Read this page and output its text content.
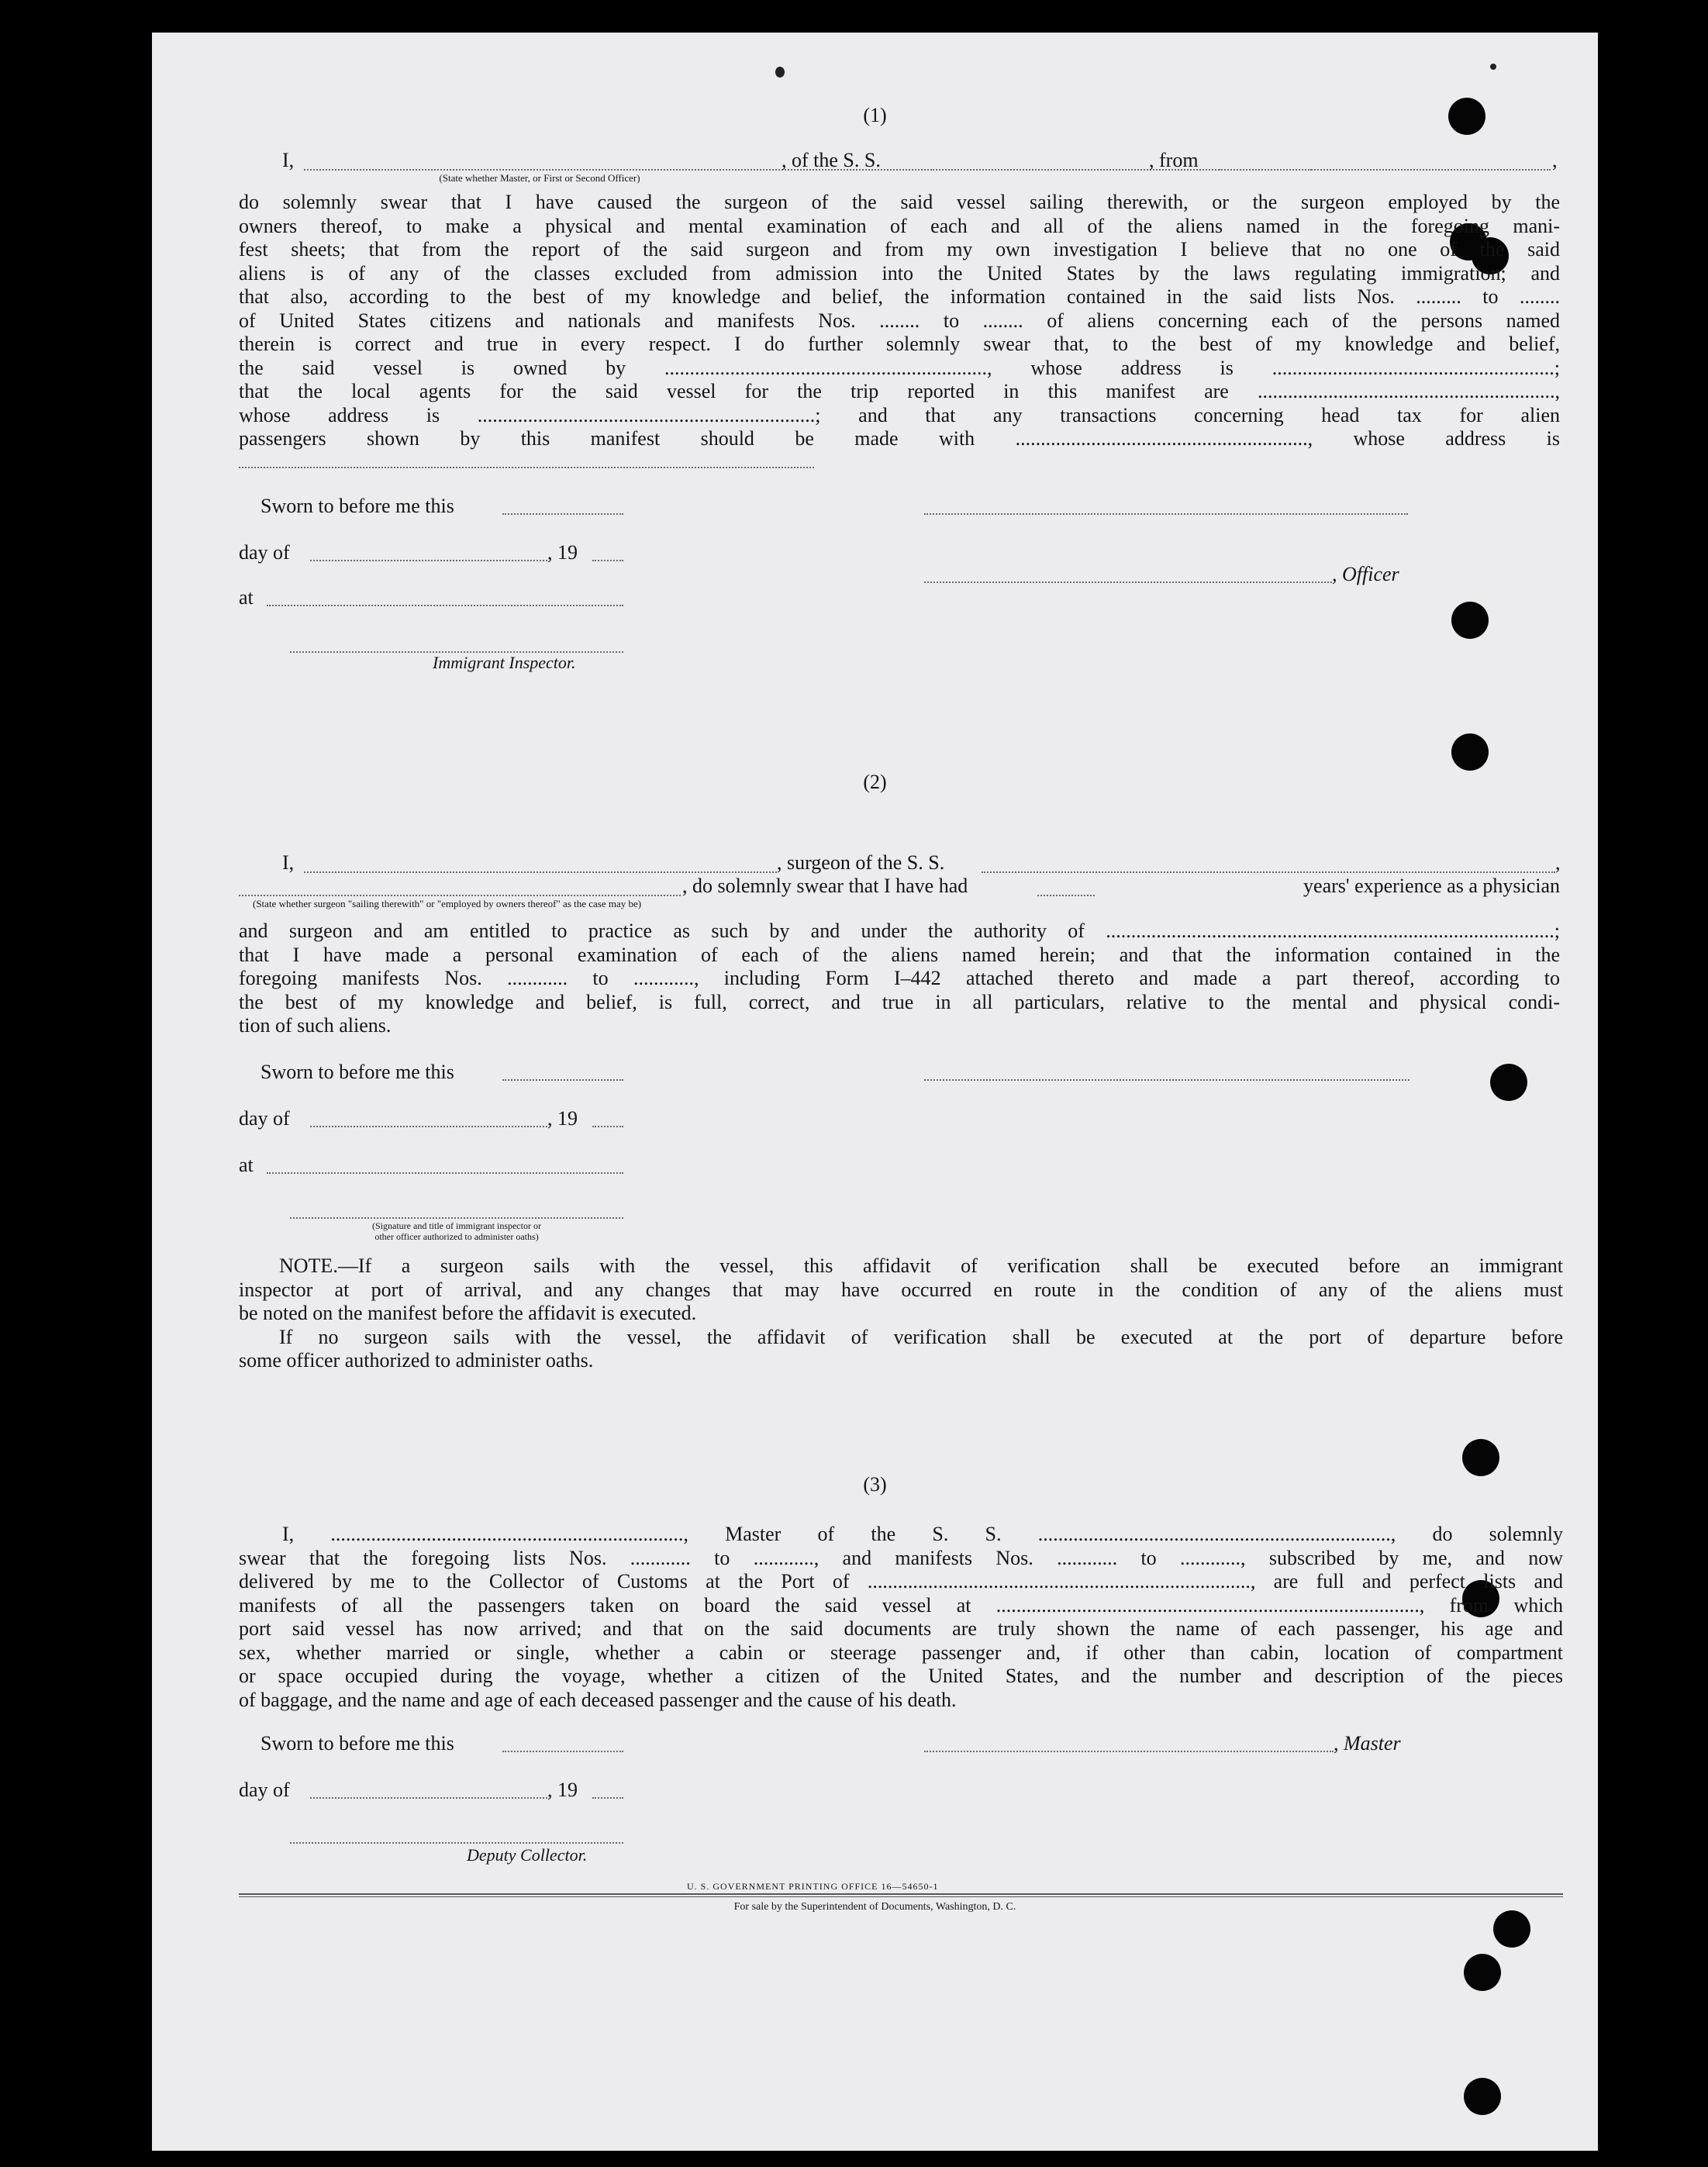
(1)

I,	, of the S. S.	, from	,

(State whether Master, or First or Second Officer)

do solemnly swear that I have caused the surgeon of the said vessel sailing therewith, or the surgeon employed by the
owners thereof, to make a physical and mental examination of each and all of the aliens named in the foregoing mani-
fest sheets; that from the report of the said surgeon and from my own investigation I believe that no one of the said
aliens is of any of the classes excluded from admission into the United States by the laws regulating immigration; and
that also, according to the best of my knowledge and belief, the information contained in the said lists Nos. ......... to ........
of United States citizens and nationals and manifests Nos. ........ to ........ of aliens concerning each of the persons named
therein is correct and true in every respect. I do further solemnly swear that, to the best of my knowledge and belief,
the said vessel is owned by ................................................................, whose address is ........................................................;
that the local agents for the said vessel for the trip reported in this manifest are ...........................................................,
whose address is ...................................................................; and that any transactions concerning head tax for alien
passengers shown by this manifest should be made with .........................................................., whose address is

Sworn to before me this

day of	, 19

, Officer

at

Immigrant Inspector.

(2)

I,	, surgeon of the S. S.	,

, do solemnly swear that I have had	years' experience as a physician

(State whether surgeon "sailing therewith" or "employed by owners thereof" as the case may be)

and surgeon and am entitled to practice as such by and under the authority of .........................................................................................;
that I have made a personal examination of each of the aliens named herein; and that the information contained in the
foregoing manifests Nos. ............ to ............, including Form I–442 attached thereto and made a part thereof, according to
the best of my knowledge and belief, is full, correct, and true in all particulars, relative to the mental and physical condi-
tion of such aliens.

Sworn to before me this

day of	, 19

at

(Signature and title of immigrant inspector or

other officer authorized to administer oaths)

NOTE.—If a surgeon sails with the vessel, this affidavit of verification shall be executed before an immigrant
inspector at port of arrival, and any changes that may have occurred en route in the condition of any of the aliens must
be noted on the manifest before the affidavit is executed.
If no surgeon sails with the vessel, the affidavit of verification shall be executed at the port of departure before
some officer authorized to administer oaths.

(3)

I, ......................................................................, Master of the S. S. ......................................................................, do solemnly
swear that the foregoing lists Nos. ............ to ............, and manifests Nos. ............ to ............, subscribed by me, and now
delivered by me to the Collector of Customs at the Port of ............................................................................, are full and perfect lists and
manifests of all the passengers taken on board the said vessel at ...................................................................................., from which
port said vessel has now arrived; and that on the said documents are truly shown the name of each passenger, his age and
sex, whether married or single, whether a cabin or steerage passenger and, if other than cabin, location of compartment
or space occupied during the voyage, whether a citizen of the United States, and the number and description of the pieces
of baggage, and the name and age of each deceased passenger and the cause of his death.

Sworn to before me this	, Master

day of	, 19

Deputy Collector.

U. S. GOVERNMENT PRINTING OFFICE 16—54650-1

For sale by the Superintendent of Documents, Washington, D. C.
